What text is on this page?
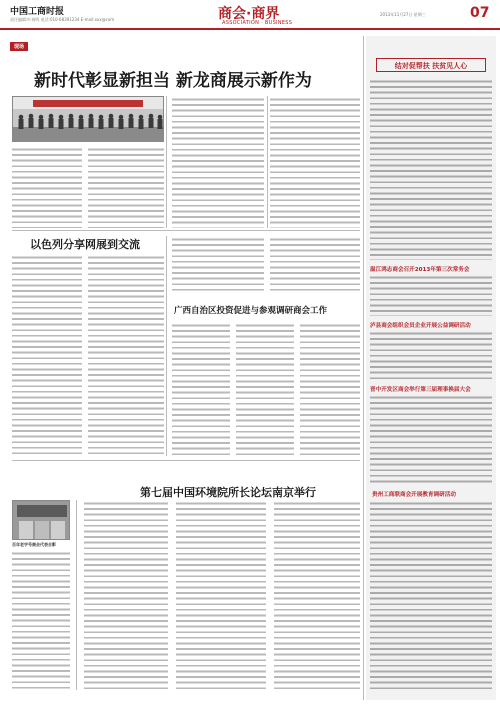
中国工商时报
责任编辑:叶春鸣 电话:010-68391234 E-mail:xxx@com	商会·商界
ASSOCIATION · BUSINESS
2013年11月27日 星期三	07
现场
新时代彰显新担当 新龙商展示新作为
以色列分享网展到交流
广西自治区投资促进与参观调研商会工作
第七届中国环境院所长论坛南京举行
百年老字号商会代表合影
结对促帮扶 扶贫见人心
温江鸿志商会召开2013年第三次常务会
泸县商会组织会员企业开展公益调研活动
晋中开发区商会举行第三届理事换届大会
贵州工商联商会开展教育调研活动
